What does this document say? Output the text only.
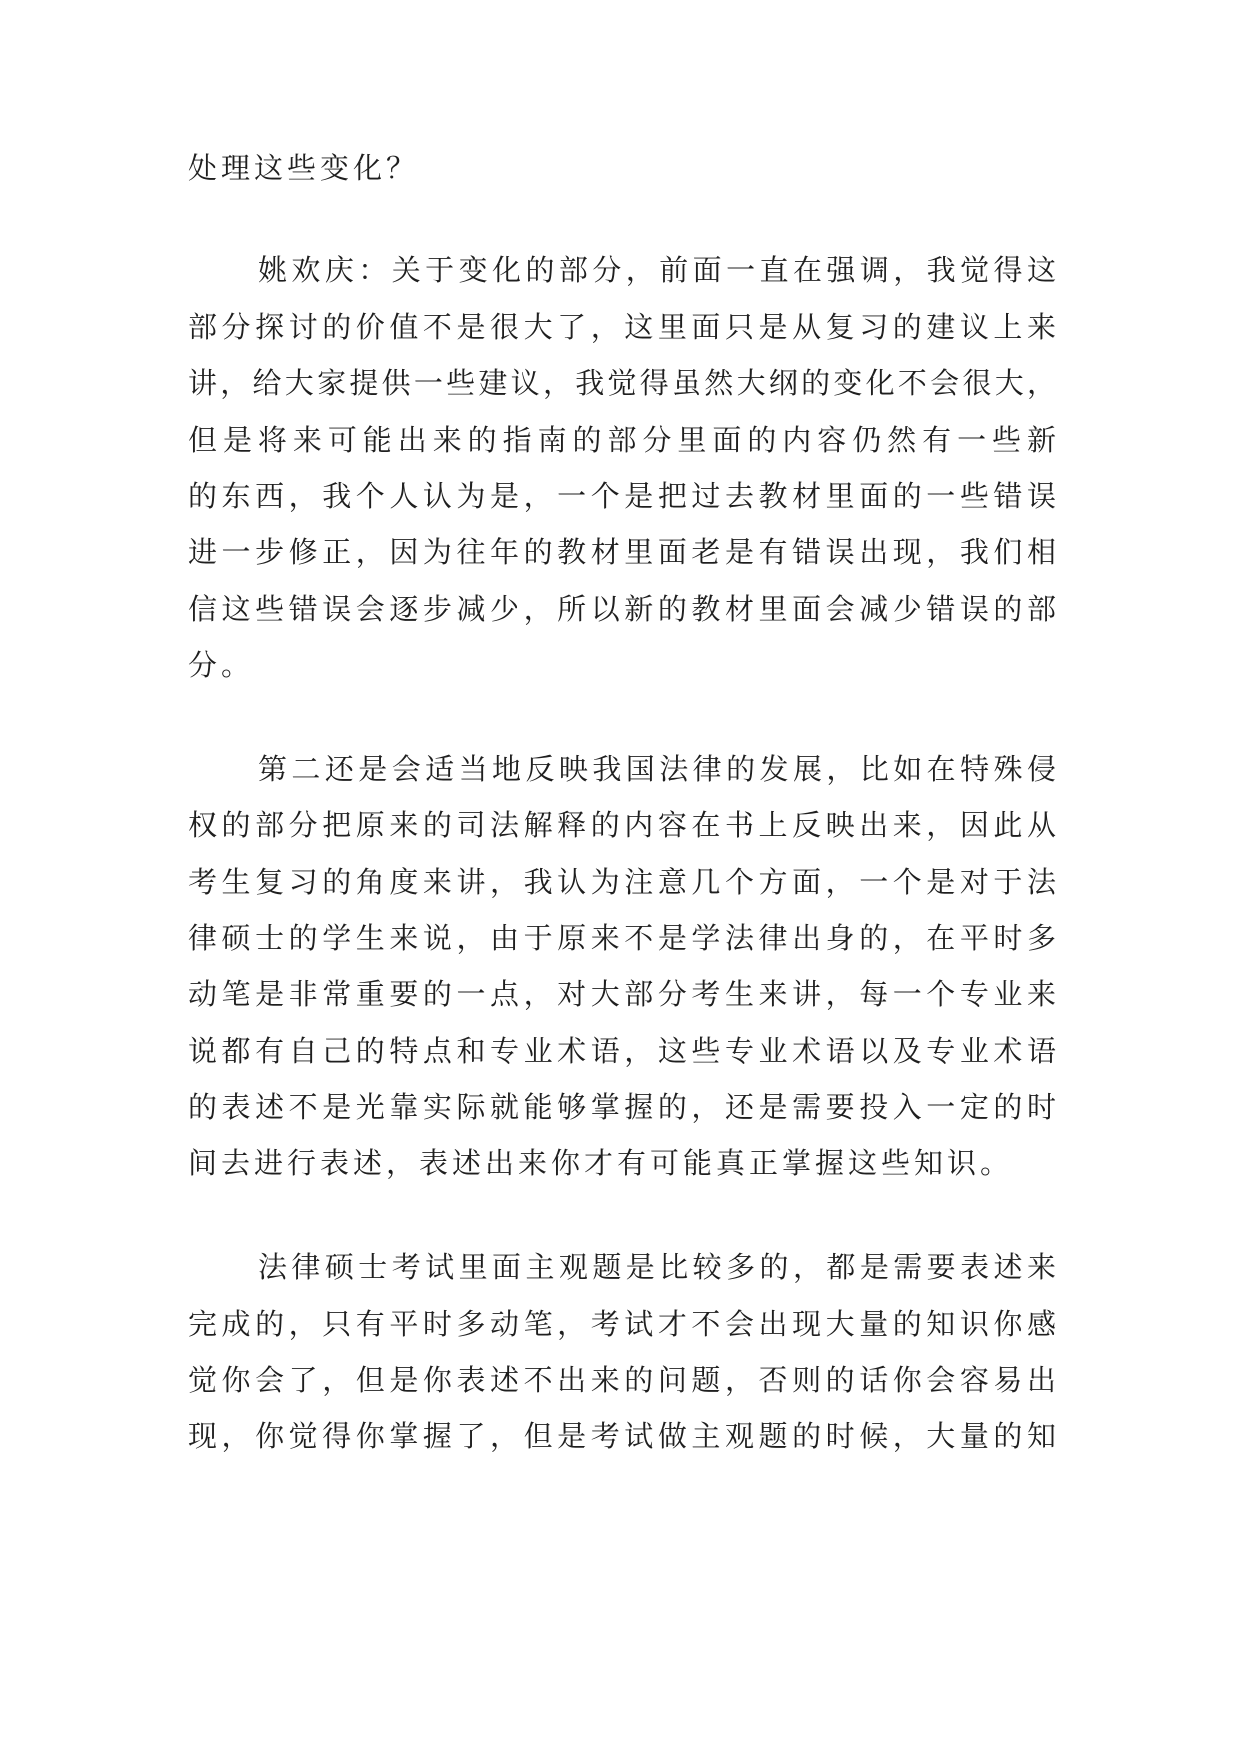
处理这些变化？

姚欢庆：关于变化的部分，前面一直在强调，我觉得这

部分探讨的价值不是很大了，这里面只是从复习的建议上来

讲，给大家提供一些建议，我觉得虽然大纲的变化不会很大，

但是将来可能出来的指南的部分里面的内容仍然有一些新

的东西，我个人认为是，一个是把过去教材里面的一些错误

进一步修正，因为往年的教材里面老是有错误出现，我们相

信这些错误会逐步减少，所以新的教材里面会减少错误的部

分。

第二还是会适当地反映我国法律的发展，比如在特殊侵

权的部分把原来的司法解释的内容在书上反映出来，因此从

考生复习的角度来讲，我认为注意几个方面，一个是对于法

律硕士的学生来说，由于原来不是学法律出身的，在平时多

动笔是非常重要的一点，对大部分考生来讲，每一个专业来

说都有自己的特点和专业术语，这些专业术语以及专业术语

的表述不是光靠实际就能够掌握的，还是需要投入一定的时

间去进行表述，表述出来你才有可能真正掌握这些知识。

法律硕士考试里面主观题是比较多的，都是需要表述来

完成的，只有平时多动笔，考试才不会出现大量的知识你感

觉你会了，但是你表述不出来的问题，否则的话你会容易出

现，你觉得你掌握了，但是考试做主观题的时候，大量的知
